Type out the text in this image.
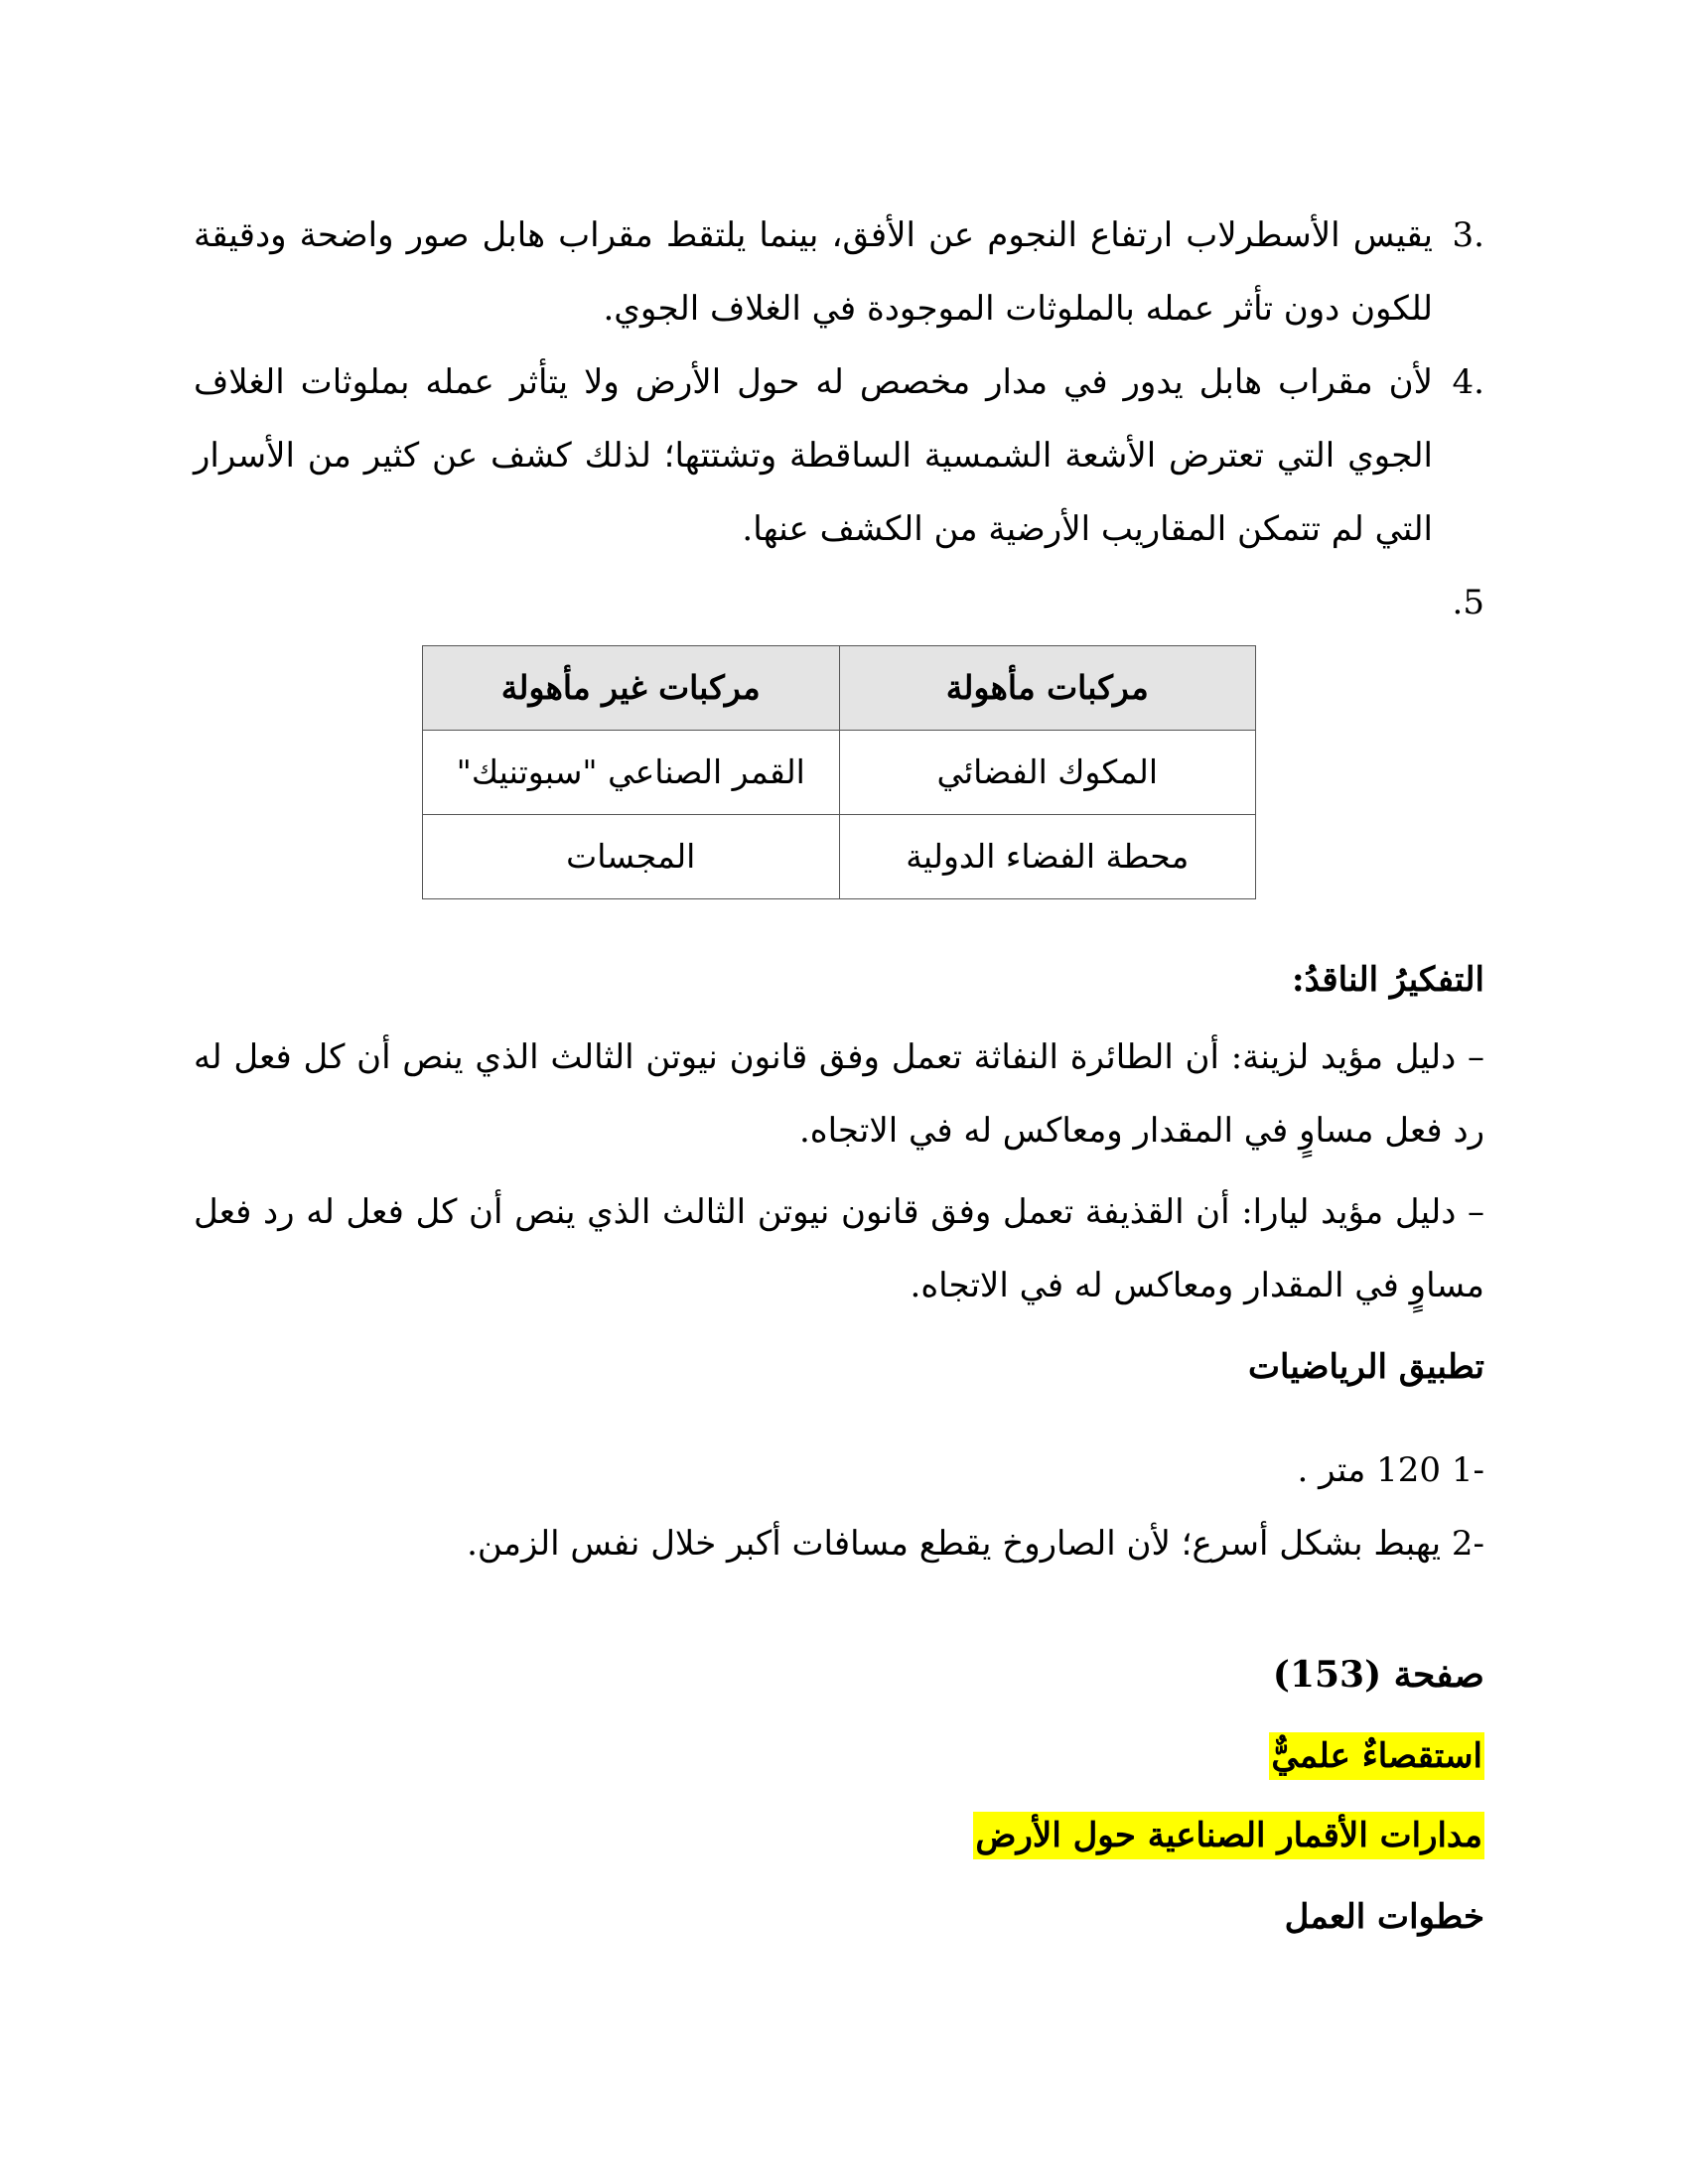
3.
يقيس الأسطرلاب ارتفاع النجوم عن الأفق، بينما يلتقط مقراب هابل صور واضحة ودقيقة للكون دون تأثر عمله بالملوثات الموجودة في الغلاف الجوي.
4.
لأن مقراب هابل يدور في مدار مخصص له حول الأرض ولا يتأثر عمله بملوثات الغلاف الجوي التي تعترض الأشعة الشمسية الساقطة وتشتتها؛ لذلك كشف عن كثير من الأسرار التي لم تتمكن المقاريب الأرضية من الكشف عنها.
.5
مركبات مأهولة	مركبات غير مأهولة
المكوك الفضائي	القمر الصناعي "سبوتنيك"
محطة الفضاء الدولية	المجسات
التفكيرُ الناقدُ:
– دليل مؤيد لزينة: أن الطائرة النفاثة تعمل وفق قانون نيوتن الثالث الذي ينص أن كل فعل له رد فعل مساوٍ في المقدار ومعاكس له في الاتجاه.
– دليل مؤيد ليارا: أن القذيفة تعمل وفق قانون نيوتن الثالث الذي ينص أن كل فعل له رد فعل مساوٍ في المقدار ومعاكس له في الاتجاه.
تطبيق الرياضيات
1- 120 متر .
2- يهبط بشكل أسرع؛ لأن الصاروخ يقطع مسافات أكبر خلال نفس الزمن.
صفحة (153)
استقصاءٌ علميٌّ
مدارات الأقمار الصناعية حول الأرض
خطوات العمل
